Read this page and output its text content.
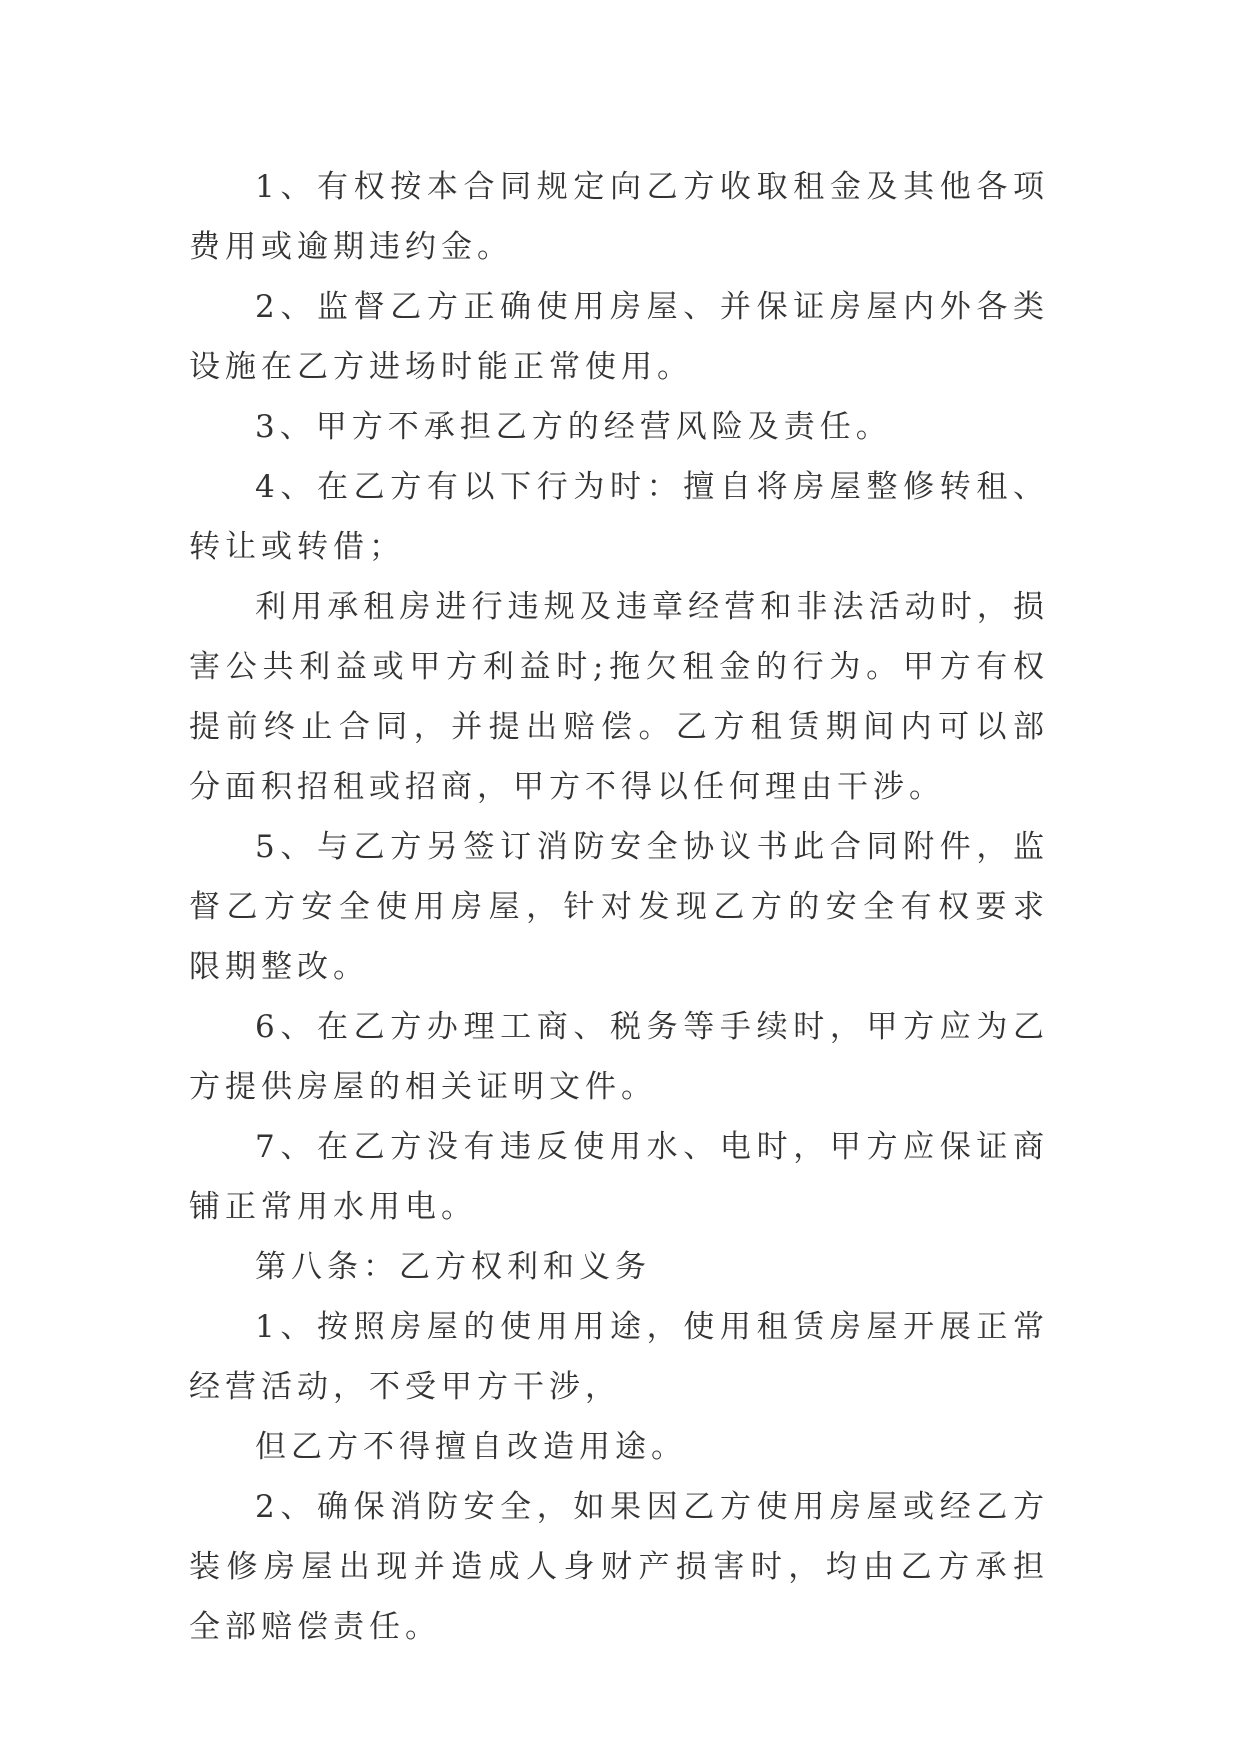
1、有权按本合同规定向乙方收取租金及其他各项费用或逾期违约金。

2、监督乙方正确使用房屋、并保证房屋内外各类设施在乙方进场时能正常使用。

3、甲方不承担乙方的经营风险及责任。

4、在乙方有以下行为时：擅自将房屋整修转租、转让或转借；

利用承租房进行违规及违章经营和非法活动时，损害公共利益或甲方利益时;拖欠租金的行为。甲方有权提前终止合同，并提出赔偿。乙方租赁期间内可以部分面积招租或招商，甲方不得以任何理由干涉。

5、与乙方另签订消防安全协议书此合同附件，监督乙方安全使用房屋，针对发现乙方的安全有权要求限期整改。

6、在乙方办理工商、税务等手续时，甲方应为乙方提供房屋的相关证明文件。

7、在乙方没有违反使用水、电时，甲方应保证商铺正常用水用电。

第八条：乙方权利和义务

1、按照房屋的使用用途，使用租赁房屋开展正常经营活动，不受甲方干涉，

但乙方不得擅自改造用途。

2、确保消防安全，如果因乙方使用房屋或经乙方装修房屋出现并造成人身财产损害时，均由乙方承担全部赔偿责任。
